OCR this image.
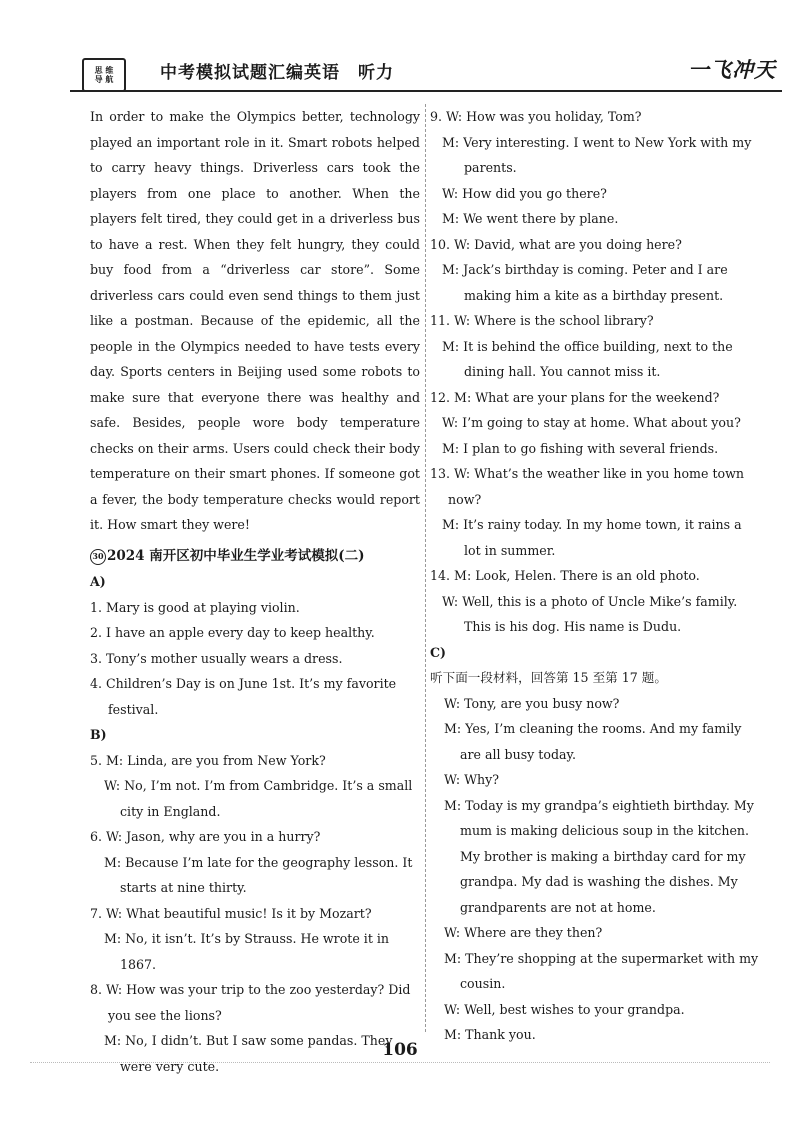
思 维
导 航	中考模拟试题汇编英语　听力	一飞冲天
In order to make the Olympics better, technology played an important role in it. Smart robots helped to carry heavy things. Driverless cars took the players from one place to another. When the players felt tired, they could get in a driverless bus to have a rest. When they felt hungry, they could buy food from a “driverless car store”. Some driverless cars could even send things to them just like a postman. Because of the epidemic, all the people in the Olympics needed to have tests every day. Sports centers in Beijing used some robots to make sure that everyone there was healthy and safe. Besides, people wore body temperature checks on their arms. Users could check their body temperature on their smart phones. If someone got a fever, the body temperature checks would report it. How smart they were!
30 2024 南开区初中毕业生学业考试模拟(二)
A)
1. Mary is good at playing violin.
2. I have an apple every day to keep healthy.
3. Tony’s mother usually wears a dress.
4. Children’s Day is on June 1st. It’s my favorite festival.
B)
5. M: Linda, are you from New York?
W: No, I’m not. I’m from Cambridge. It’s a small city in England.
6. W: Jason, why are you in a hurry?
M: Because I’m late for the geography lesson. It starts at nine thirty.
7. W: What beautiful music! Is it by Mozart?
M: No, it isn’t. It’s by Strauss. He wrote it in 1867.
8. W: How was your trip to the zoo yesterday? Did you see the lions?
M: No, I didn’t. But I saw some pandas. They were very cute.
9. W: How was you holiday, Tom?
M: Very interesting. I went to New York with my parents.
W: How did you go there?
M: We went there by plane.
10. W: David, what are you doing here?
M: Jack’s birthday is coming. Peter and I are making him a kite as a birthday present.
11. W: Where is the school library?
M: It is behind the office building, next to the dining hall. You cannot miss it.
12. M: What are your plans for the weekend?
W: I’m going to stay at home. What about you?
M: I plan to go fishing with several friends.
13. W: What’s the weather like in you home town now?
M: It’s rainy today. In my home town, it rains a lot in summer.
14. M: Look, Helen. There is an old photo.
W: Well, this is a photo of Uncle Mike’s family. This is his dog. His name is Dudu.
C)
听下面一段材料，回答第 15 至第 17 题。
W: Tony, are you busy now?
M: Yes, I’m cleaning the rooms. And my family are all busy today.
W: Why?
M: Today is my grandpa’s eightieth birthday. My mum is making delicious soup in the kitchen. My brother is making a birthday card for my grandpa. My dad is washing the dishes. My grandparents are not at home.
W: Where are they then?
M: They’re shopping at the supermarket with my cousin.
W: Well, best wishes to your grandpa.
M: Thank you.
106
